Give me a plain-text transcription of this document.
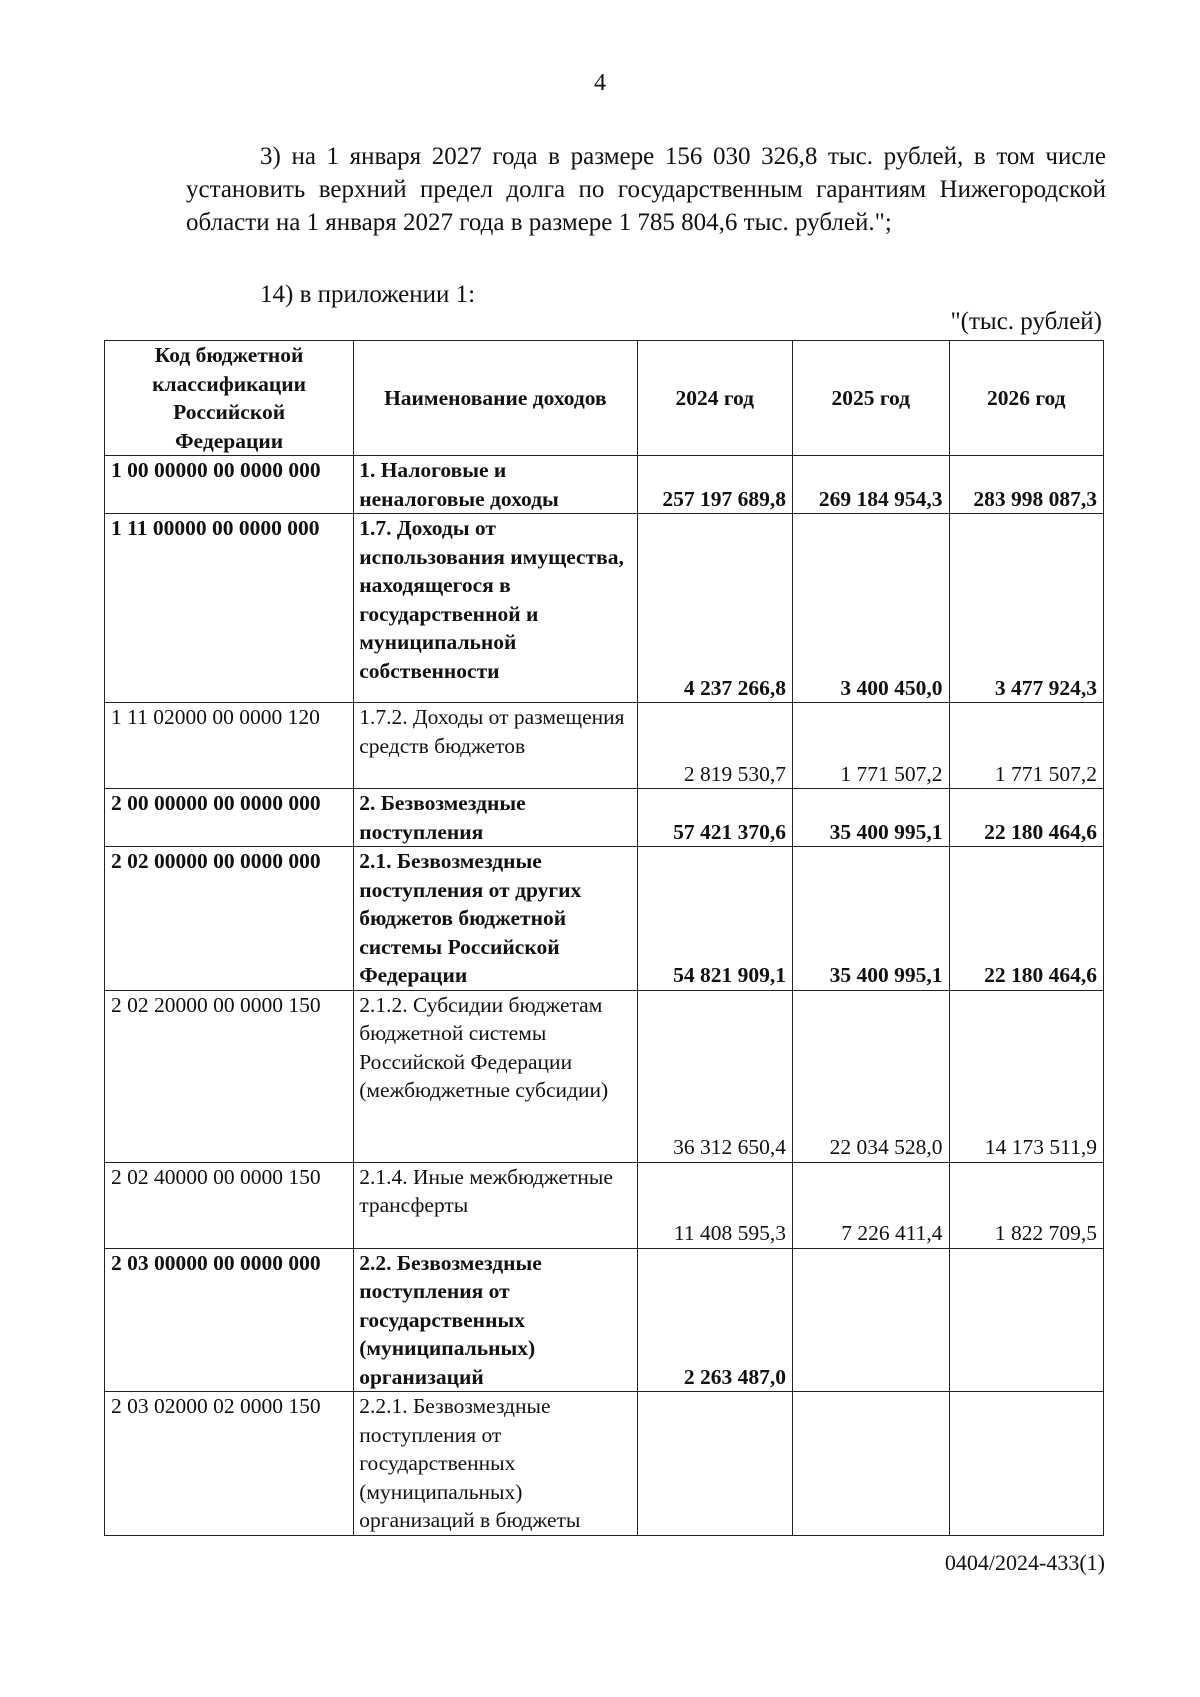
4
3) на 1 января 2027 года в размере 156 030 326,8 тыс. рублей, в том числе установить верхний предел долга по государственным гарантиям Нижегородской области на 1 января 2027 года в размере 1 785 804,6 тыс. рублей.";
14) в приложении 1:
"(тыс. рублей)
Код бюджетной классификации Российской Федерации	Наименование доходов	2024 год	2025 год	2026 год
1 00 00000 00 0000 000	1. Налоговые и неналоговые доходы	257 197 689,8	269 184 954,3	283 998 087,3
1 11 00000 00 0000 000	1.7. Доходы от использования имущества, находящегося в государственной и муниципальной собственности	4 237 266,8	3 400 450,0	3 477 924,3
1 11 02000 00 0000 120	1.7.2. Доходы от размещения средств бюджетов	2 819 530,7	1 771 507,2	1 771 507,2
2 00 00000 00 0000 000	2. Безвозмездные поступления	57 421 370,6	35 400 995,1	22 180 464,6
2 02 00000 00 0000 000	2.1. Безвозмездные поступления от других бюджетов бюджетной системы Российской Федерации	54 821 909,1	35 400 995,1	22 180 464,6
2 02 20000 00 0000 150	2.1.2. Субсидии бюджетам бюджетной системы Российской Федерации (межбюджетные субсидии)	36 312 650,4	22 034 528,0	14 173 511,9
2 02 40000 00 0000 150	2.1.4. Иные межбюджетные трансферты	11 408 595,3	7 226 411,4	1 822 709,5
2 03 00000 00 0000 000	2.2. Безвозмездные поступления от государственных (муниципальных) организаций	2 263 487,0		
2 03 02000 02 0000 150	2.2.1. Безвозмездные поступления от государственных (муниципальных) организаций в бюджеты			
0404/2024-433(1)
